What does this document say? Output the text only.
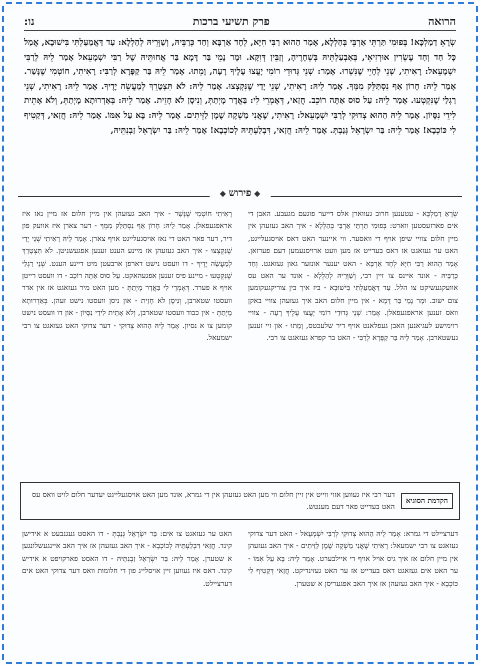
הרואה
פרק תשיעי ברכות
נו:
שְׂרָאֵ דַמַלְכָּא! בְּפוּמִי תַּרְתֵּי אַרְבֵּי בְּהַלְלָא, אָמַר הַהוּא רַבִּי חִיָּא, לְחָד אַרְבָּא וְחַד כְּרַבֵּיהּ, וְשַׁוְּרֵיהּ לְהַלְלָא: עַד דַּאֲמַעַּלְתִּי בִּישׁוּבָא, אֲמַל כָּל חַד וְחַד עֶשְׂרִין אוּרְזִיאֵי, בְּאַבְעַלְתֵּיהּ בְּשְׁחָרֶיהָ, וְזַבֵּין דְּוִקָּא. וּמָר נָמֵי בַּר דָּמָא בַּר אֲחוּתֵּיהּ שֶׁל רַבִּי יִשְׁמָעֵאל אָמַר לֵיהּ לְרַבִּי יִשְׁמָעֵאל: רָאִיתִי, שְׁנֵי לְחָיֵי שֶׁנִּשְׁרוּ. אָמַר: שְׁנֵי גְּדוּדֵי רוֹמִי יָעֲצוּ עָלֶיךָ רָעָה, וָמֵתוּ. אָמַר לֵיהּ בַּר קַפָּרָא לְרַבִּי: רָאִיתִי, חוֹטְמִי שֶׁנָּשַׁר. אָמַר לֵיהּ: חָרוֹן אַף נִסְתַּלֵּק מִמְּךָ. אָמַר לֵיהּ: רָאִיתִי, שְׁנֵי יָדַי שֶׁנִּקְצְצוּ. אָמַר לֵיהּ: לֹא תִּצְטָרֵךְ לְמַעֲשֵׂה יָדֶיךָ. אָמַר לֵיהּ: רָאִיתִי, שְׁנֵי רַגְלַי שֶׁנִּקְטְעוּ. אָמַר לֵיהּ: עַל סוּס אַתָּה רוֹכֵב. חֲזַאי, דְּאָמְרֵי לִי: בַּאֲדָר מָיְתַתְּ, וְנִיסָן לֹא חָזֵית. אָמַר לֵיהּ: בְּאַדְרוּתָא מָיְתַתְּ, וְלֹא אָתֵית לִידֵי נִסָּיוֹן. אָמַר לֵיהּ הַהוּא צְדוּקִי לְרַבִּי יִשְׁמָעֵאל: רָאִיתִי, שֶׁאֲנִי מַשְׁקֶה שֶׁמֶן לַזֵּיתִים. אָמַר לֵיהּ: בָּא עַל אִמּוֹ. אָמַר לֵיהּ: חֲזַאי, דְּקַטִיף לִי כּוֹכְבָא! אָמַר לֵיהּ: בַּר יִשְׂרָאֵל גְּנַבְתְּ. אָמַר לֵיהּ: חֲזַאי, דִּבְלַעְתֵּיהּ לְכוֹכְבָא! אָמַר לֵיהּ: בַּר יִשְׂרָאֵל זַבְנִתֵּיהּ,
◆ פירוש ◆
שְׂרָאֵ דַמַלְכָּא - עטענען חרוב געווארן אלס דייער פוגעם מגעבע. האבן די אים פארזעסטען ווארט: בְּפוּמִי תַּרְתֵּי אַרְבֵּי בְּהַלְלָא - איך האב געזעהן אין מיין חלום צוויי שיפן אויף די וואסער. ווי איינער האט דאס אויסגעלייגט, האט ער געזאגט אז דאס בעדייט אז מען וועט ארויסנעמען דעם פערזאן. אָמַר הַהוּא רַבִּי חִיָּא לְחָד אַרְבָּא - האט יענער אונזער גאון געזאגט. וְחַד כְּרַבֵּיהּ - אונד איינס צו זיין רבי, וְשַׁוְּרֵיהּ לְהַלְלָא - אונד ער האט עס אוועקגעשיקט צו הלל. עַד דַּאֲמַעַּלְתִּי בִּישׁוּבָא - ביז איך בין צוריקגעקומען צום ישוב. וּמָר נָמֵי בַּר דָּמָא - אין מיין חלום האב איך געזעהן צוויי באקן וואס זענען אראפגעפאלן. אָמַר: שְׁנֵי גְּדוּדֵי רוֹמִי יָעֲצוּ עָלֶיךָ רָעָה - צוויי רוימישע לעגיאנען האבן געפלאנט אויף דיר שלעכטס, וָמֵתוּ - און זיי זענען געשטארבן. אָמַר לֵיהּ בַּר קַפָּרָא לְרַבִּי - האט בר קפרא געזאגט צו רבי.
רָאִיתִי חוֹטְמִי שֶׁנָּשַׁר - איך האב געזעהן אין מיין חלום אז מיין נאז איז אראפגעפאלן. אָמַר לֵיהּ: חָרוֹן אַף נִסְתַּלֵּק מִמְּךָ - דער צארן איז אוועק פון דיר, דער פאר האט די נאז אויסגעלייגט אויף צארן. אָמַר לֵיהּ רָאִיתִי שְׁנֵי יָדַי שֶׁנִּקְצְצוּ - איך האב געזעהן אז מיינע הענט זענען אפגעשניטן. לֹא תִּצְטָרֵךְ לְמַעֲשֵׂה יָדֶיךָ - דו וועסט נישט דארפן ארבעטן מיט דיינע הענט. שְׁנֵי רַגְלַי שֶׁנִּקְטְעוּ - מיינע פיס זענען אפגעהאקט. עַל סוּס אַתָּה רוֹכֵב - דו וועסט רייטן אויף א פערד. דְּאָמְרֵי לִי בַּאֲדָר מָיְתַתְּ - מען האט מיר געזאגט אז אין אדר וועסטו שטארבן, וְנִיסָן לֹא חָזֵית - און ניסן וועסטו נישט זעהן. בְּאַדְרוּתָא מָיְתַתְּ - אין כבוד וועסטו שטארבן, וְלֹא אָתֵית לִידֵי נִסָּיוֹן - און דו וועסט נישט קומען צו א נסיון. אָמַר לֵיהּ הַהוּא צְדוּקִי - דער צדוקי האט געזאגט צו רבי ישמעאל.
הקדמת הסוגיא
דער רבי איז געווען אזוי ווייט אין זיין חלום ווי מען האט געזעהן אין די גמרא, אונד מען האט אויסגעלייגט יעדער חלום לויט וואס עס האט בעדייט פאר דעם מענטש.
דערציילט די גמרא: אָמַר לֵיהּ הַהוּא צְדוּקִי לְרַבִּי יִשְׁמָעֵאל - האט דער צדוקי געזאגט צו רבי ישמעאל: רָאִיתִי שֶׁאֲנִי מַשְׁקֶה שֶׁמֶן לַזֵּיתִים - איך האב געזעהן אין מיין חלום אז איך גיס אויל אויף די איילבערט. אָמַר לֵיהּ: בָּא עַל אִמּוֹ - ער האט אים געזאגט דאס בעדייט אז ער האט געזינדיקט. חֲזַאי דְּקַטִיף לִי כּוֹכְבָא - איך האב געזעהן אז איך האב אפגעריסן א שטערן.
האט ער געזאגט צו אים: בַּר יִשְׂרָאֵל גְּנַבְתְּ - דו האסט געגנבעט א אידישן קינד. חֲזַאי דִּבְלַעְתֵּיהּ לְכוֹכְבָא - איך האב געזעהן אז איך האב איינגעשלונגען א שטערן. אָמַר לֵיהּ: בַּר יִשְׂרָאֵל זַבְנִתֵּיהּ - דו האסט פארקויפט א אידיש קינד. דאס איז געווען זיין אויסלייג פון די חלומות וואס דער צדוקי האט אים דערציילט.
